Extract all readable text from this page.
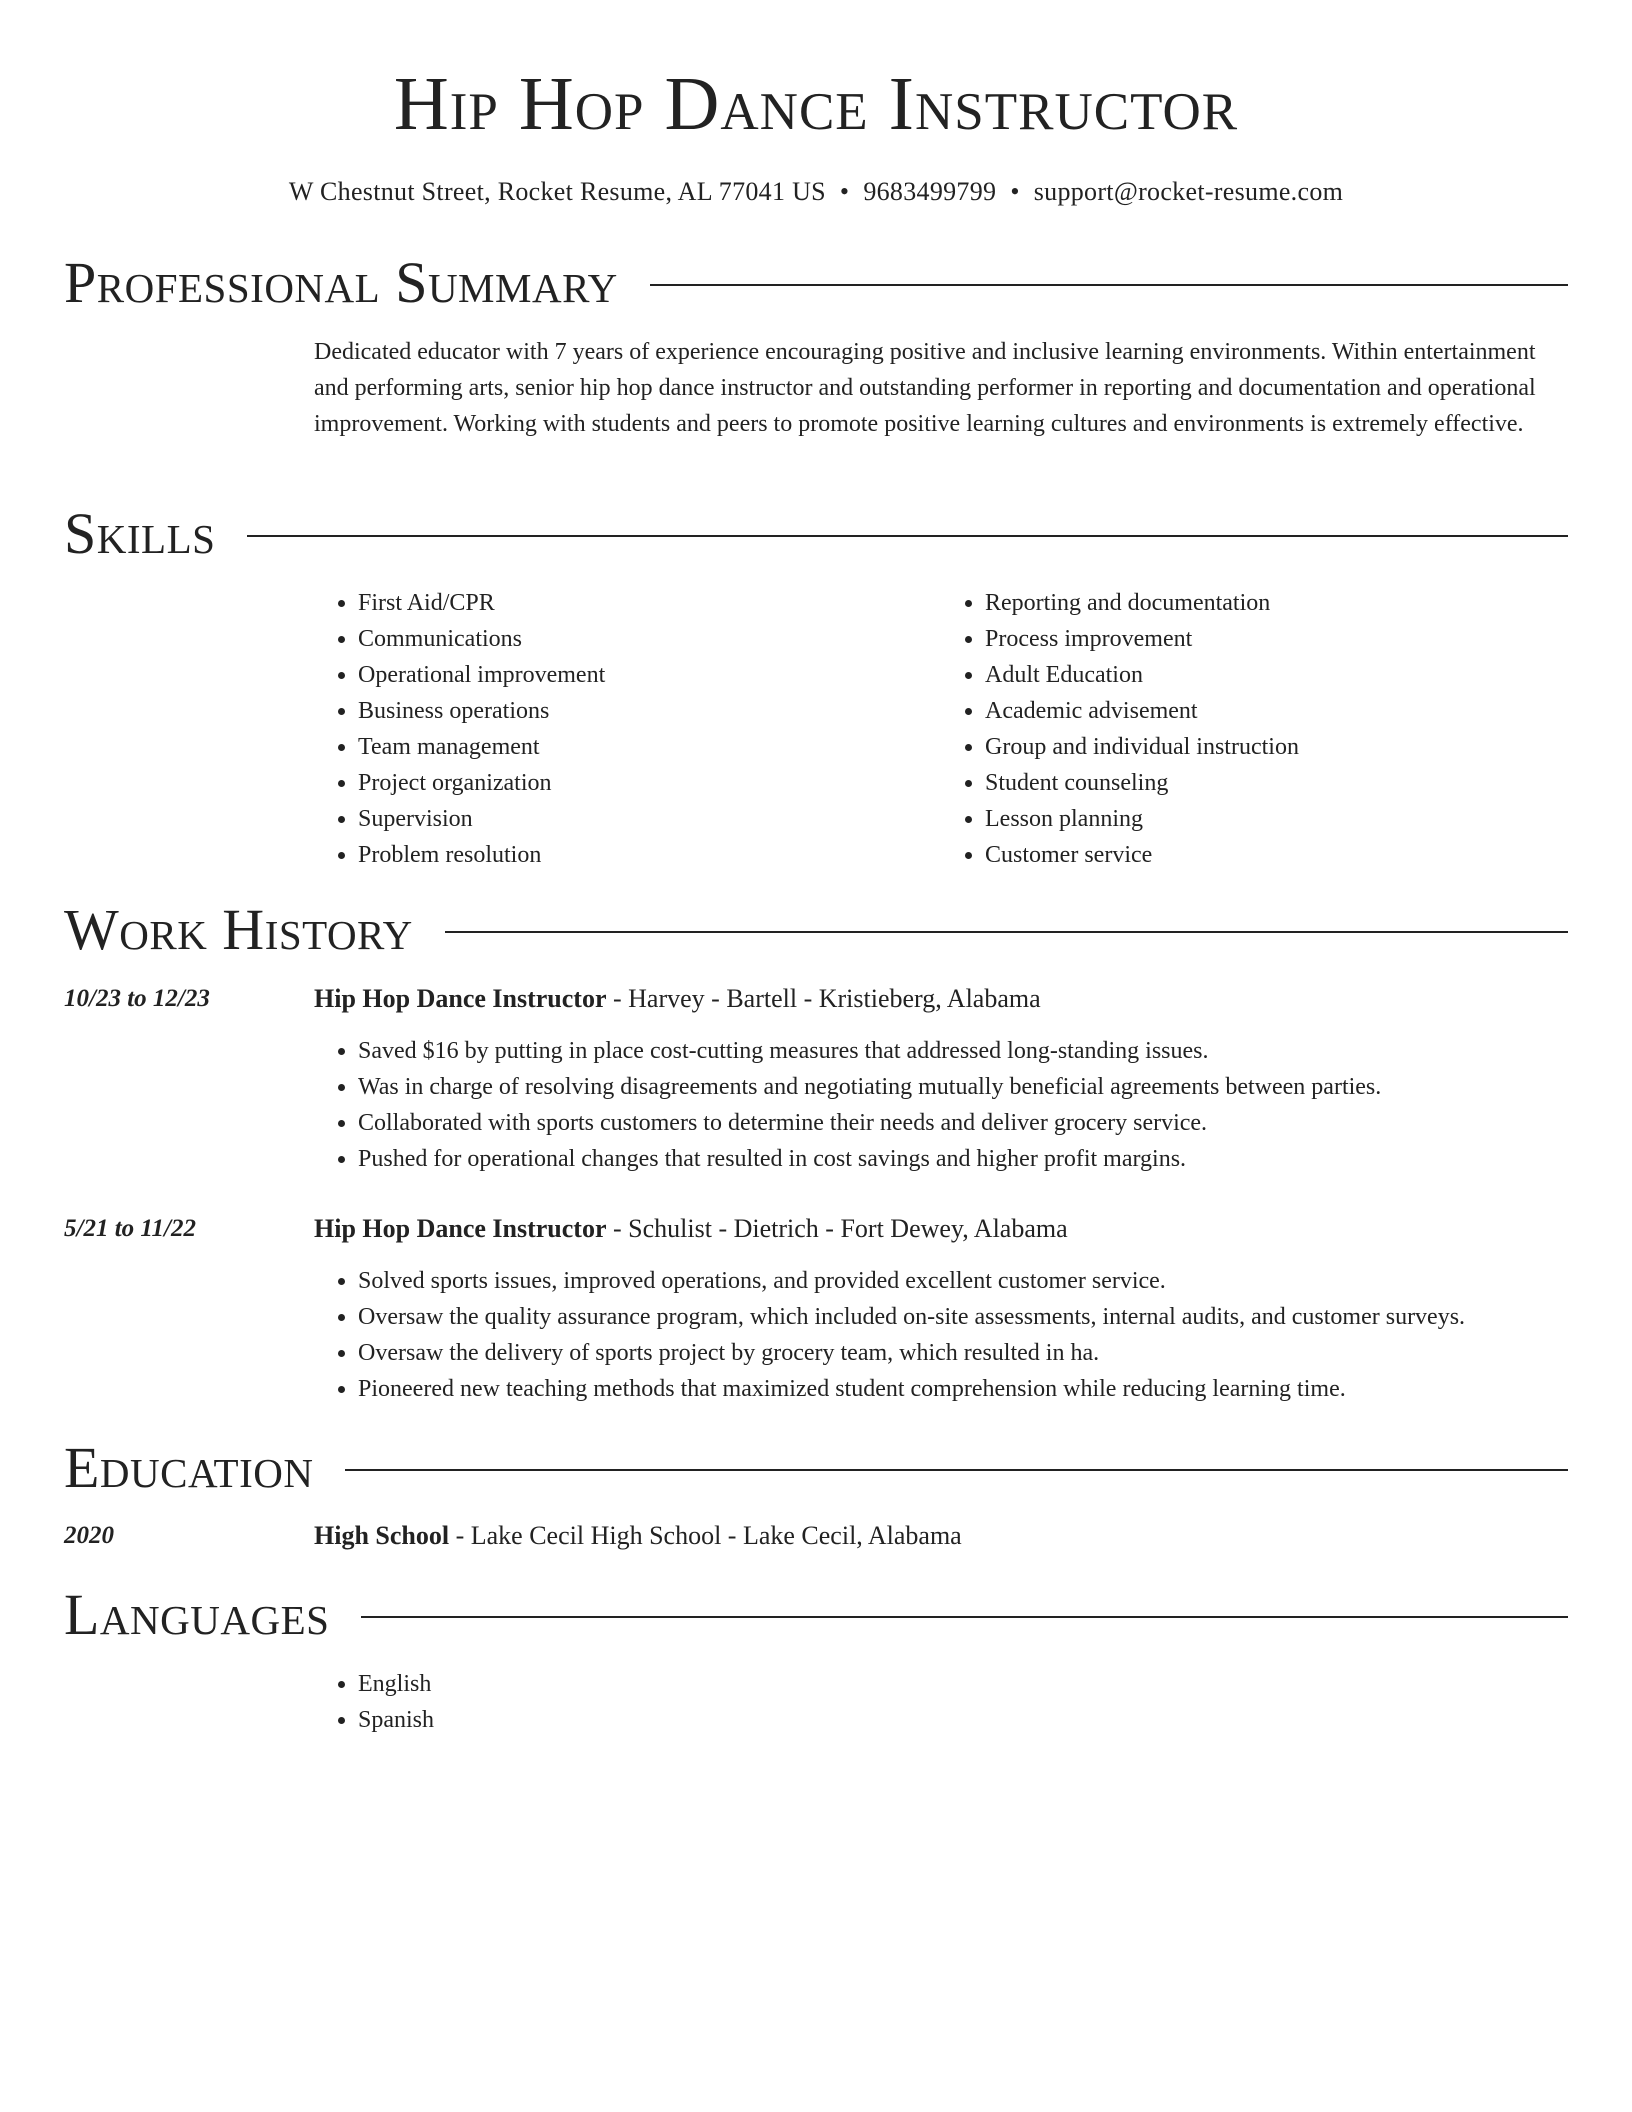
Hip Hop Dance Instructor
W Chestnut Street, Rocket Resume, AL 77041 US • 9683499799 • support@rocket-resume.com
Professional Summary
Dedicated educator with 7 years of experience encouraging positive and inclusive learning environments. Within entertainment and performing arts, senior hip hop dance instructor and outstanding performer in reporting and documentation and operational improvement. Working with students and peers to promote positive learning cultures and environments is extremely effective.
Skills
• First Aid/CPR
• Communications
• Operational improvement
• Business operations
• Team management
• Project organization
• Supervision
• Problem resolution
• Reporting and documentation
• Process improvement
• Adult Education
• Academic advisement
• Group and individual instruction
• Student counseling
• Lesson planning
• Customer service
Work History
10/23 to 12/23	Hip Hop Dance Instructor - Harvey - Bartell - Kristieberg, Alabama
• Saved $16 by putting in place cost-cutting measures that addressed long-standing issues.
• Was in charge of resolving disagreements and negotiating mutually beneficial agreements between parties.
• Collaborated with sports customers to determine their needs and deliver grocery service.
• Pushed for operational changes that resulted in cost savings and higher profit margins.
5/21 to 11/22	Hip Hop Dance Instructor - Schulist - Dietrich - Fort Dewey, Alabama
• Solved sports issues, improved operations, and provided excellent customer service.
• Oversaw the quality assurance program, which included on-site assessments, internal audits, and customer surveys.
• Oversaw the delivery of sports project by grocery team, which resulted in ha.
• Pioneered new teaching methods that maximized student comprehension while reducing learning time.
Education
2020	High School - Lake Cecil High School - Lake Cecil, Alabama
Languages
• English
• Spanish
